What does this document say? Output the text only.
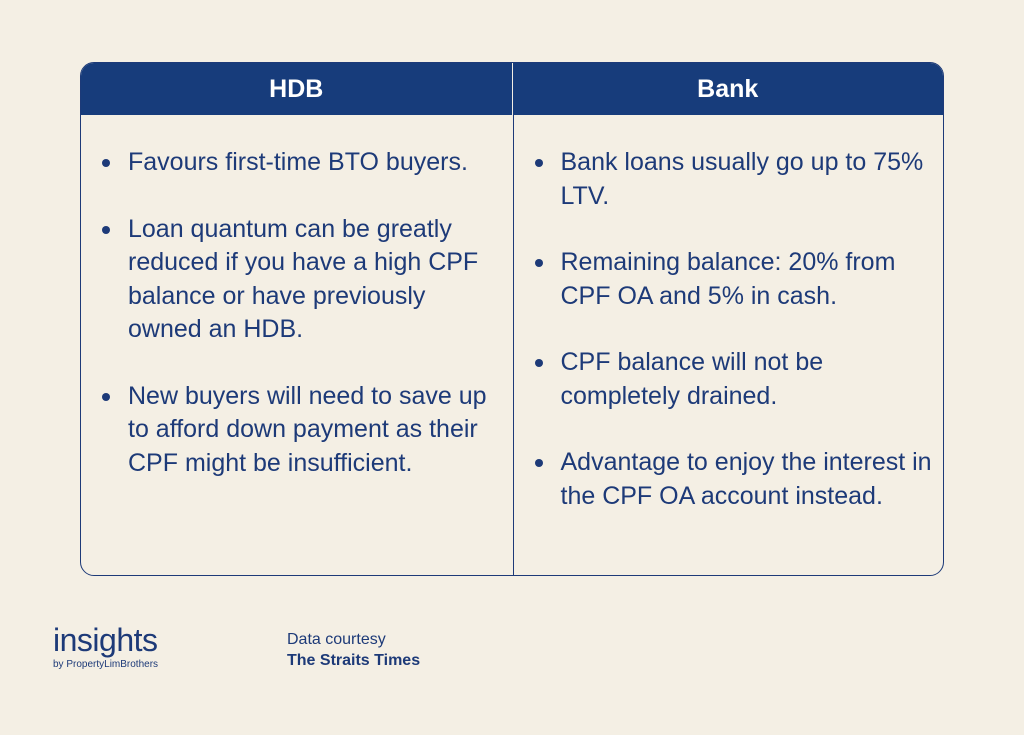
HDB	Bank
Favours first-time BTO buyers.
Loan quantum can be greatly reduced if you have a high CPF balance or have previously owned an HDB.
New buyers will need to save up to afford down payment as their CPF might be insufficient.
Bank loans usually go up to 75% LTV.
Remaining balance: 20% from CPF OA and 5% in cash.
CPF balance will not be completely drained.
Advantage to enjoy the interest in the CPF OA account instead.
insights
by PropertyLimBrothers
Data courtesy
The Straits Times
